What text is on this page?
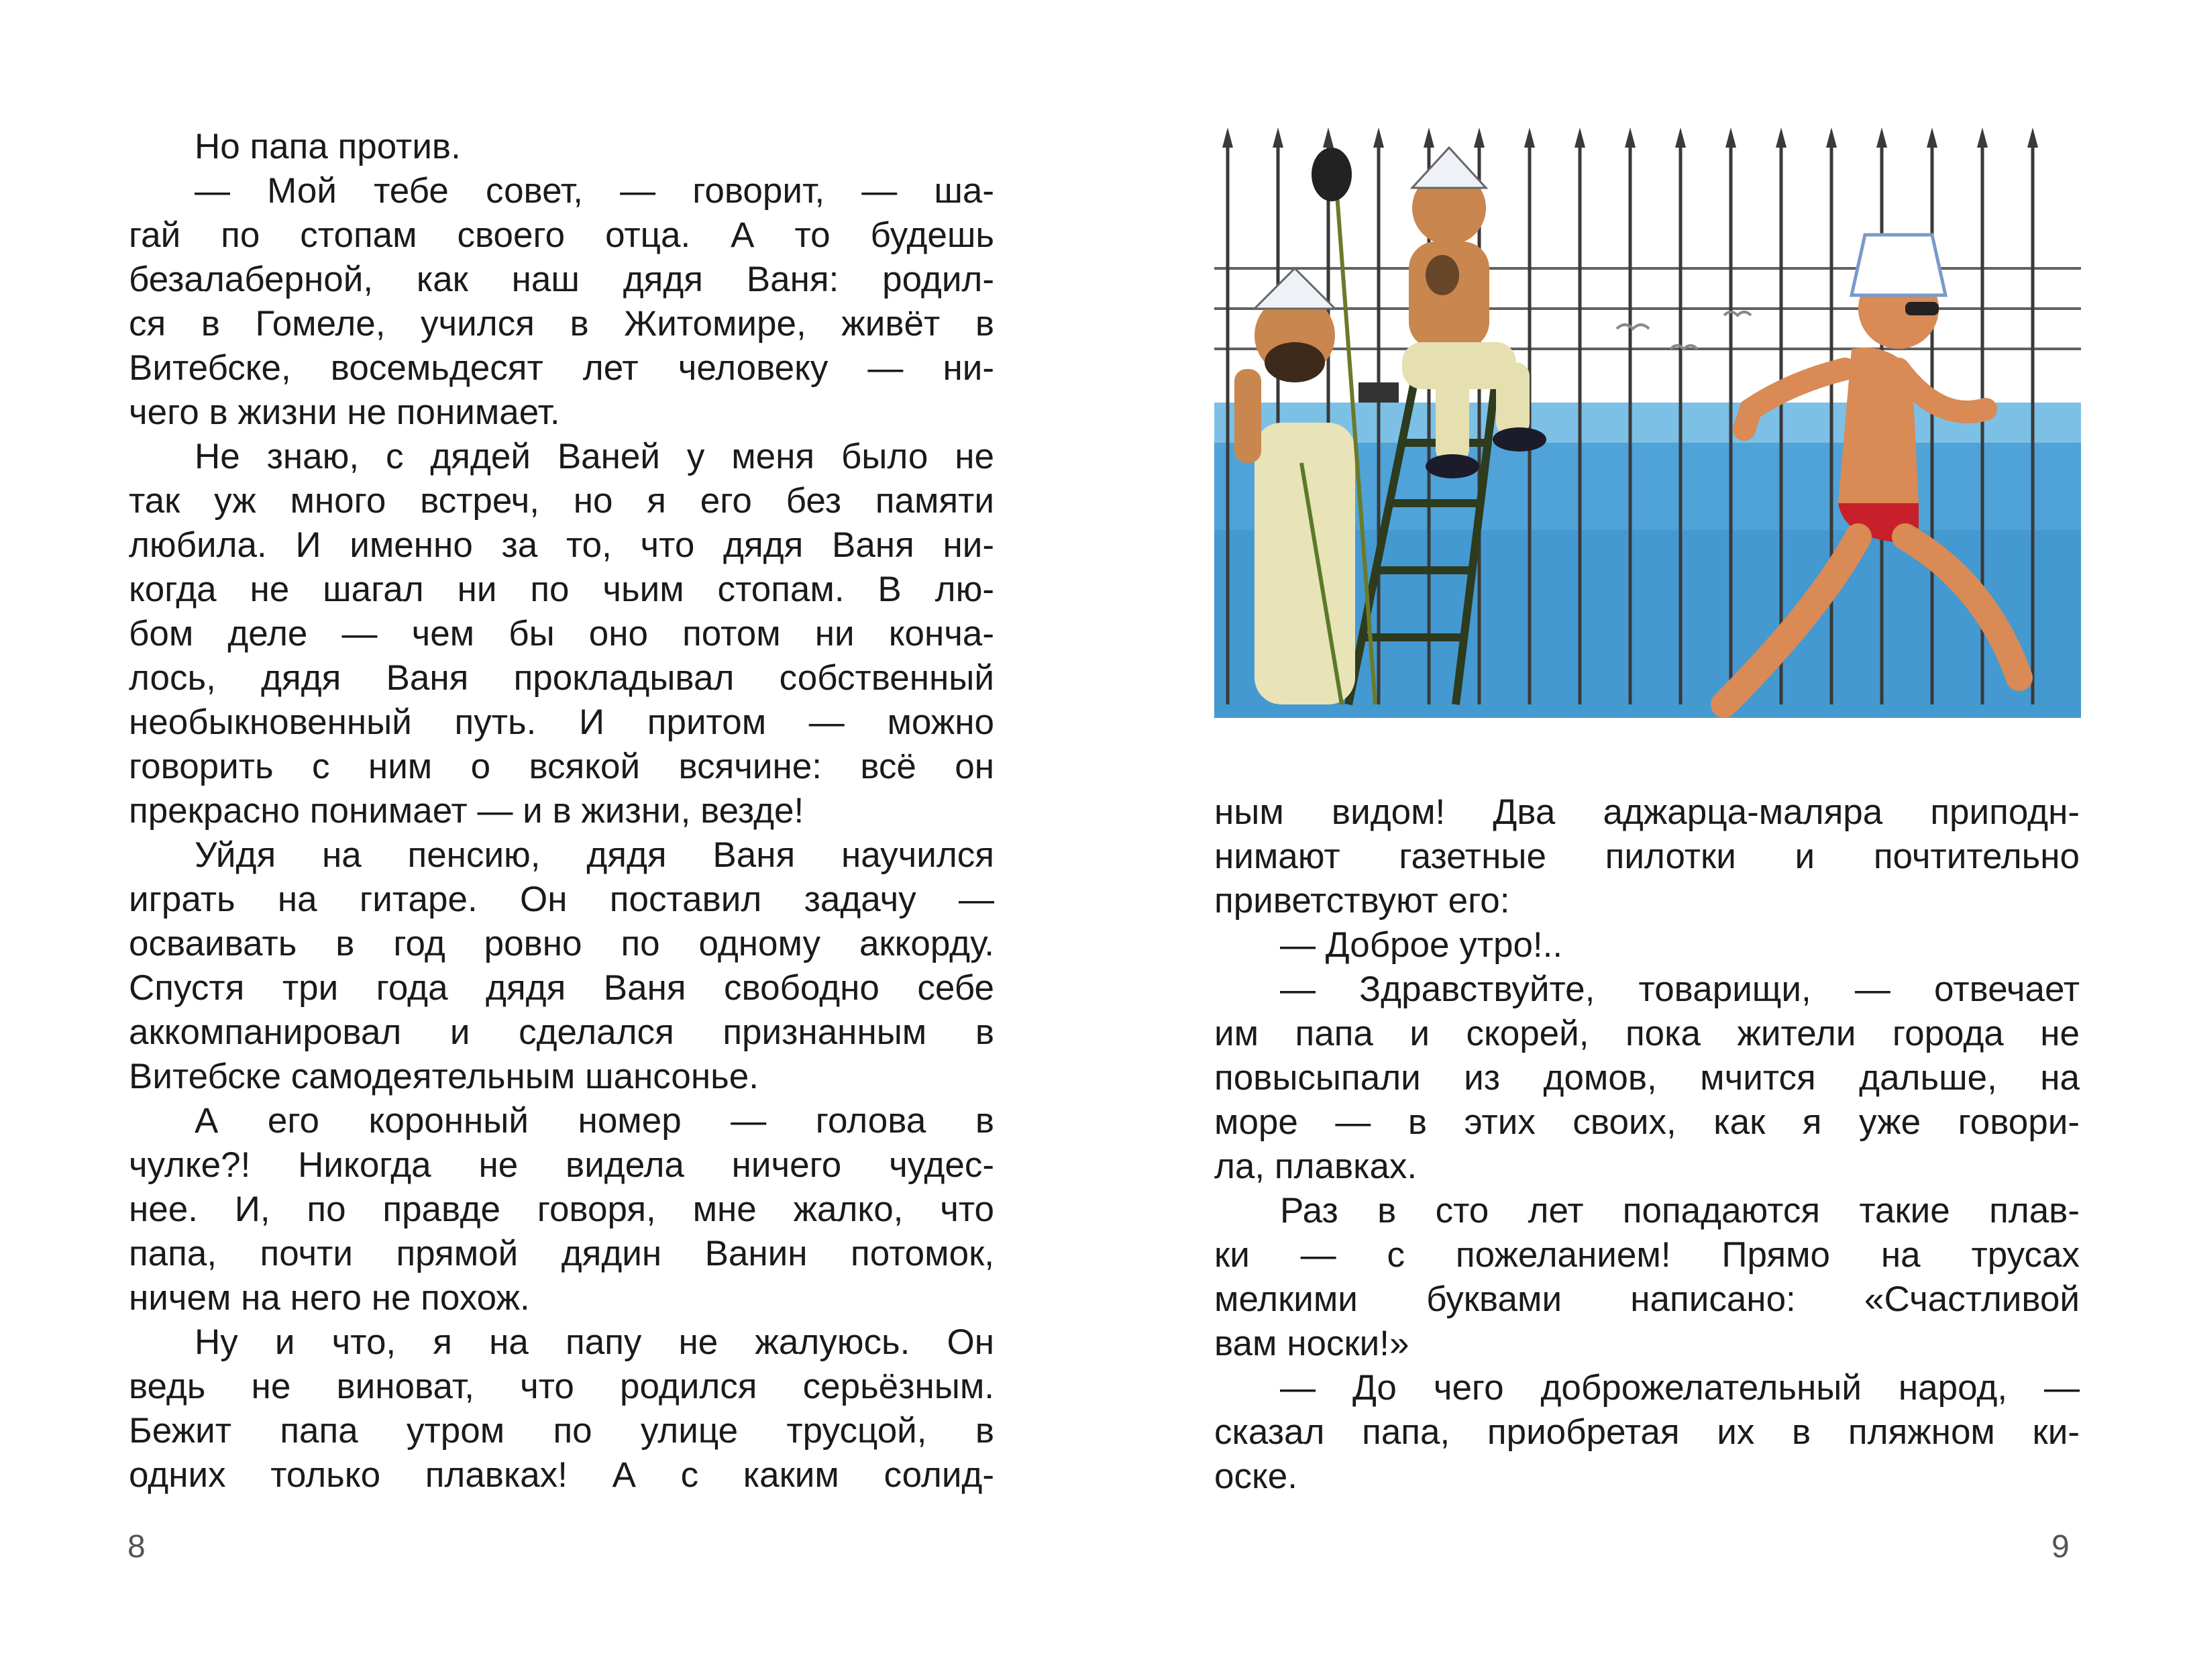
Но папа против.
— Мой тебе совет, — говорит, — ша-
гай по стопам своего отца. А то будешь
безалаберной, как наш дядя Ваня: родил-
ся в Гомеле, учился в Житомире, живёт в
Витебске, восемьдесят лет человеку — ни-
чего в жизни не понимает.
Не знаю, с дядей Ваней у меня было не
так уж много встреч, но я его без памяти
любила. И именно за то, что дядя Ваня ни-
когда не шагал ни по чьим стопам. В лю-
бом деле — чем бы оно потом ни конча-
лось, дядя Ваня прокладывал собственный
необыкновенный путь. И притом — можно
говорить с ним о всякой всячине: всё он
прекрасно понимает — и в жизни, везде!
Уйдя на пенсию, дядя Ваня научился
играть на гитаре. Он поставил задачу —
осваивать в год ровно по одному аккорду.
Спустя три года дядя Ваня свободно себе
аккомпанировал и сделался признанным в
Витебске самодеятельным шансонье.
А его коронный номер — голова в
чулке?! Никогда не видела ничего чудес-
нее. И, по правде говоря, мне жалко, что
папа, почти прямой дядин Ванин потомок,
ничем на него не похож.
Ну и что, я на папу не жалуюсь. Он
ведь не виноват, что родился серьёзным.
Бежит папа утром по улице трусцой, в
одних только плавках! А с каким солид-
8
ным видом! Два аджарца-маляра приподн-
нимают газетные пилотки и почтительно
приветствуют его:
— Доброе утро!..
— Здравствуйте, товарищи, — отвечает
им папа и скорей, пока жители города не
повысыпали из домов, мчится дальше, на
море — в этих своих, как я уже говори-
ла, плавках.
Раз в сто лет попадаются такие плав-
ки — с пожеланием! Прямо на трусах
мелкими буквами написано: «Счастливой
вам носки!»
— До чего доброжелательный народ, —
сказал папа, приобретая их в пляжном ки-
оске.
9
